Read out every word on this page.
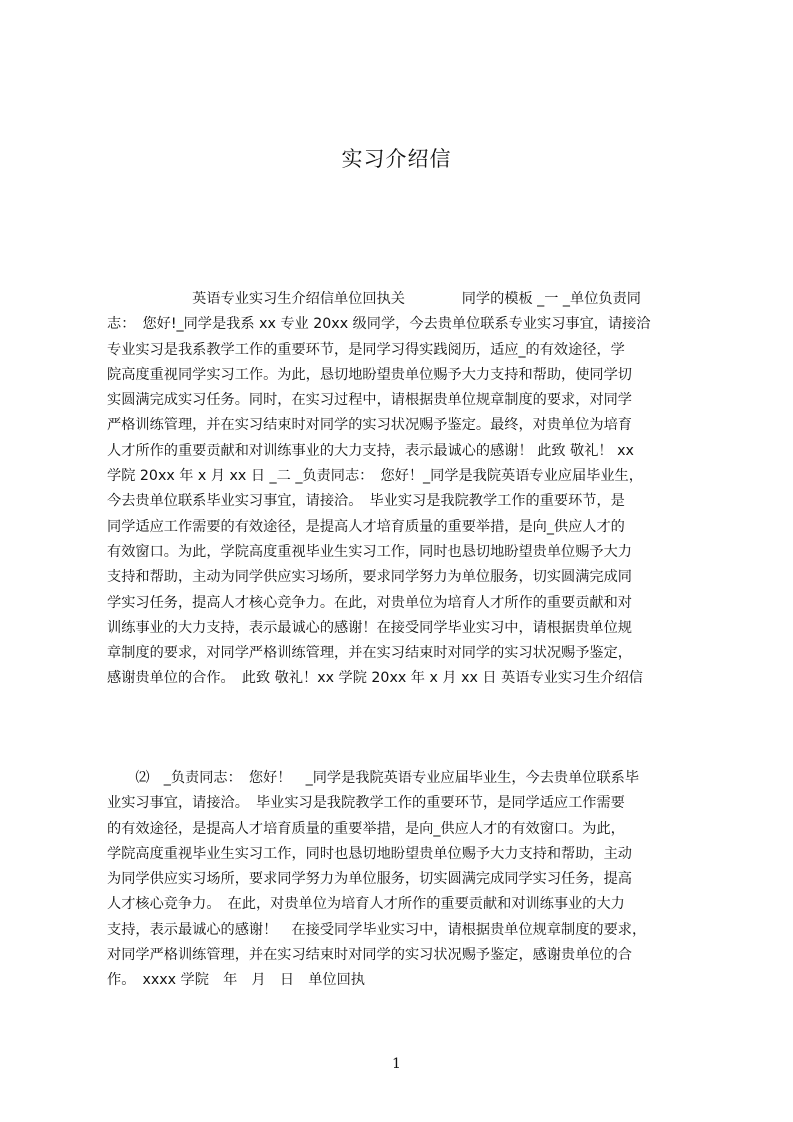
实习介绍信
　　　　　　英语专业实习生介绍信单位回执关　　　　同学的模板 _一 _单位负责同
志：　您好!_同学是我系 xx 专业 20xx 级同学，今去贵单位联系专业实习事宜，请接洽
专业实习是我系教学工作的重要环节，是同学习得实践阅历，适应_的有效途径，学
院高度重视同学实习工作。为此，恳切地盼望贵单位赐予大力支持和帮助，使同学切
实圆满完成实习任务。同时，在实习过程中，请根据贵单位规章制度的要求，对同学
严格训练管理，并在实习结束时对同学的实习状况赐予鉴定。最终，对贵单位为培育
人才所作的重要贡献和对训练事业的大力支持，表示最诚心的感谢！ 此致 敬礼！ xx
学院 20xx 年 x 月 xx 日 _二 _负责同志：　您好！_同学是我院英语专业应届毕业生，
今去贵单位联系毕业实习事宜，请接洽。　毕业实习是我院教学工作的重要环节，是
同学适应工作需要的有效途径，是提高人才培育质量的重要举措，是向_供应人才的
有效窗口。为此，学院高度重视毕业生实习工作，同时也恳切地盼望贵单位赐予大力
支持和帮助，主动为同学供应实习场所，要求同学努力为单位服务，切实圆满完成同
学实习任务，提高人才核心竞争力。在此，对贵单位为培育人才所作的重要贡献和对
训练事业的大力支持，表示最诚心的感谢！在接受同学毕业实习中，请根据贵单位规
章制度的要求，对同学严格训练管理，并在实习结束时对同学的实习状况赐予鉴定，
感谢贵单位的合作。　此致 敬礼！xx 学院 20xx 年 x 月 xx 日 英语专业实习生介绍信
　　⑵　_负责同志：　您好！　_同学是我院英语专业应届毕业生，今去贵单位联系毕
业实习事宜，请接洽。　毕业实习是我院教学工作的重要环节，是同学适应工作需要
的有效途径，是提高人才培育质量的重要举措，是向_供应人才的有效窗口。为此，
学院高度重视毕业生实习工作，同时也恳切地盼望贵单位赐予大力支持和帮助，主动
为同学供应实习场所，要求同学努力为单位服务，切实圆满完成同学实习任务，提高
人才核心竞争力。　在此，对贵单位为培育人才所作的重要贡献和对训练事业的大力
支持，表示最诚心的感谢！　在接受同学毕业实习中，请根据贵单位规章制度的要求，
对同学严格训练管理，并在实习结束时对同学的实习状况赐予鉴定，感谢贵单位的合
作。　xxxx 学院　年　月　日　单位回执
1
